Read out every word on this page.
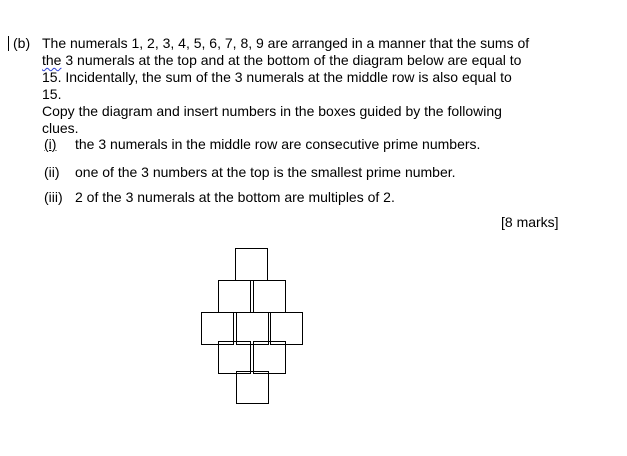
(b) The numerals 1, 2, 3, 4, 5, 6, 7, 8, 9 are arranged in a manner that the sums of
the 3 numerals at the top and at the bottom of the diagram below are equal to
15. Incidentally, the sum of the 3 numerals at the middle row is also equal to
15.
Copy the diagram and insert numbers in the boxes guided by the following
clues.
(i) the 3 numerals in the middle row are consecutive prime numbers.
(ii) one of the 3 numbers at the top is the smallest prime number.
(iii) 2 of the 3 numerals at the bottom are multiples of 2.
[8 marks]
